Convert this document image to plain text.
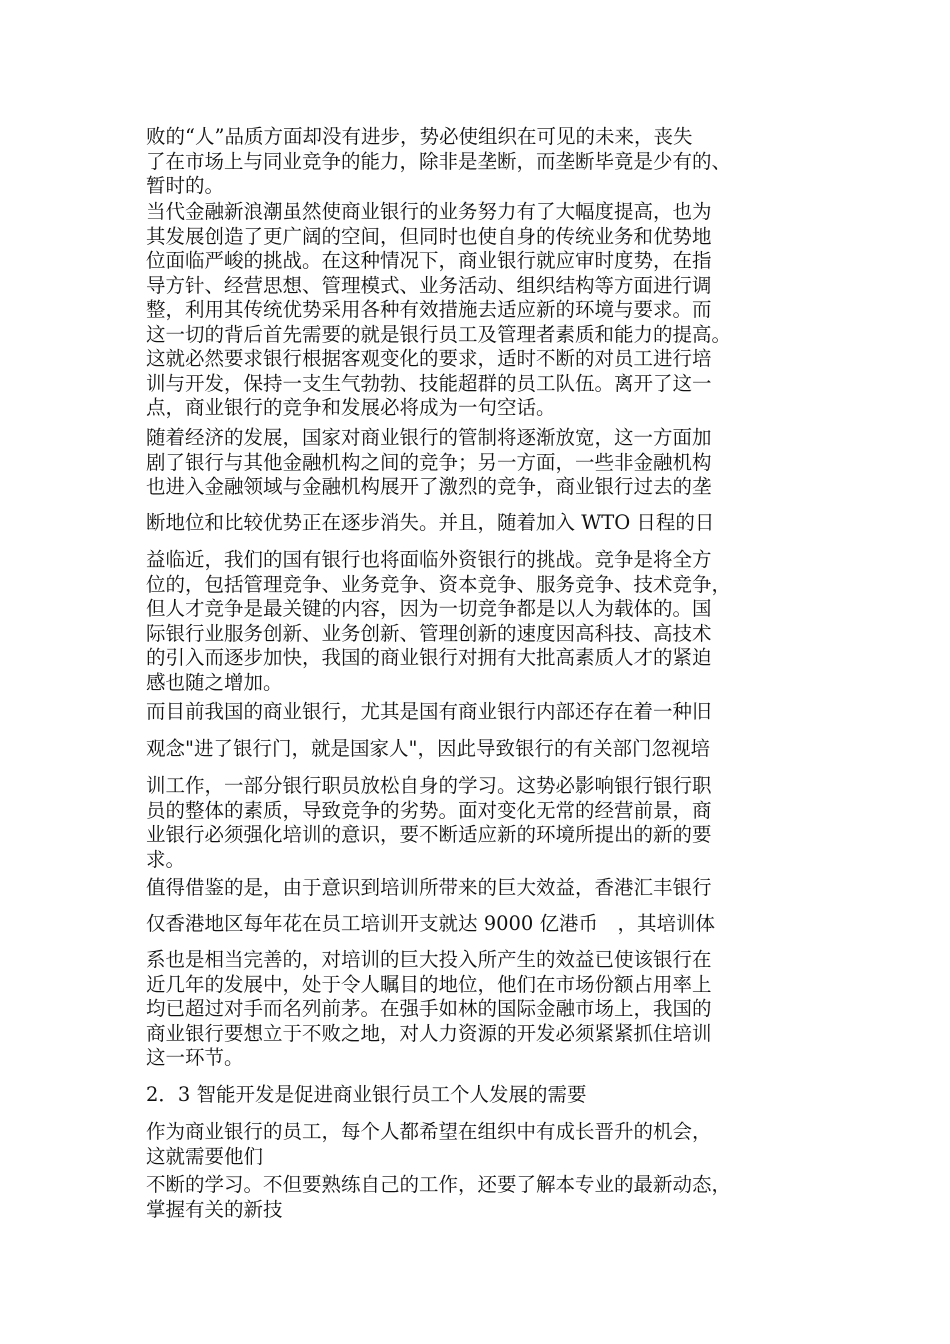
败的“人”品质方面却没有进步，势必使组织在可见的未来，丧失
了在市场上与同业竞争的能力，除非是垄断，而垄断毕竟是少有的、
暂时的。

当代金融新浪潮虽然使商业银行的业务努力有了大幅度提高，也为
其发展创造了更广阔的空间，但同时也使自身的传统业务和优势地
位面临严峻的挑战。在这种情况下，商业银行就应审时度势，在指
导方针、经营思想、管理模式、业务活动、组织结构等方面进行调
整，利用其传统优势采用各种有效措施去适应新的环境与要求。而
这一切的背后首先需要的就是银行员工及管理者素质和能力的提高。
这就必然要求银行根据客观变化的要求，适时不断的对员工进行培
训与开发，保持一支生气勃勃、技能超群的员工队伍。离开了这一
点，商业银行的竞争和发展必将成为一句空话。

随着经济的发展，国家对商业银行的管制将逐渐放宽，这一方面加
剧了银行与其他金融机构之间的竞争；另一方面，一些非金融机构
也进入金融领域与金融机构展开了激烈的竞争，商业银行过去的垄

断地位和比较优势正在逐步消失。并且，随着加入 WTO 日程的日

益临近，我们的国有银行也将面临外资银行的挑战。竞争是将全方
位的，包括管理竞争、业务竞争、资本竞争、服务竞争、技术竞争，
但人才竞争是最关键的内容，因为一切竞争都是以人为载体的。国
际银行业服务创新、业务创新、管理创新的速度因高科技、高技术
的引入而逐步加快，我国的商业银行对拥有大批高素质人才的紧迫
感也随之增加。

而目前我国的商业银行，尤其是国有商业银行内部还存在着一种旧

观念"进了银行门，就是国家人"，因此导致银行的有关部门忽视培

训工作，一部分银行职员放松自身的学习。这势必影响银行银行职
员的整体的素质，导致竞争的劣势。面对变化无常的经营前景，商
业银行必须强化培训的意识，要不断适应新的环境所提出的新的要
求。

值得借鉴的是，由于意识到培训所带来的巨大效益，香港汇丰银行

仅香港地区每年花在员工培训开支就达 9000 亿港币　，其培训体

系也是相当完善的，对培训的巨大投入所产生的效益已使该银行在
近几年的发展中，处于令人瞩目的地位，他们在市场份额占用率上
均已超过对手而名列前茅。在强手如林的国际金融市场上，我国的
商业银行要想立于不败之地，对人力资源的开发必须紧紧抓住培训
这一环节。

2．3 智能开发是促进商业银行员工个人发展的需要

作为商业银行的员工，每个人都希望在组织中有成长晋升的机会，
这就需要他们

不断的学习。不但要熟练自己的工作，还要了解本专业的最新动态，
掌握有关的新技
